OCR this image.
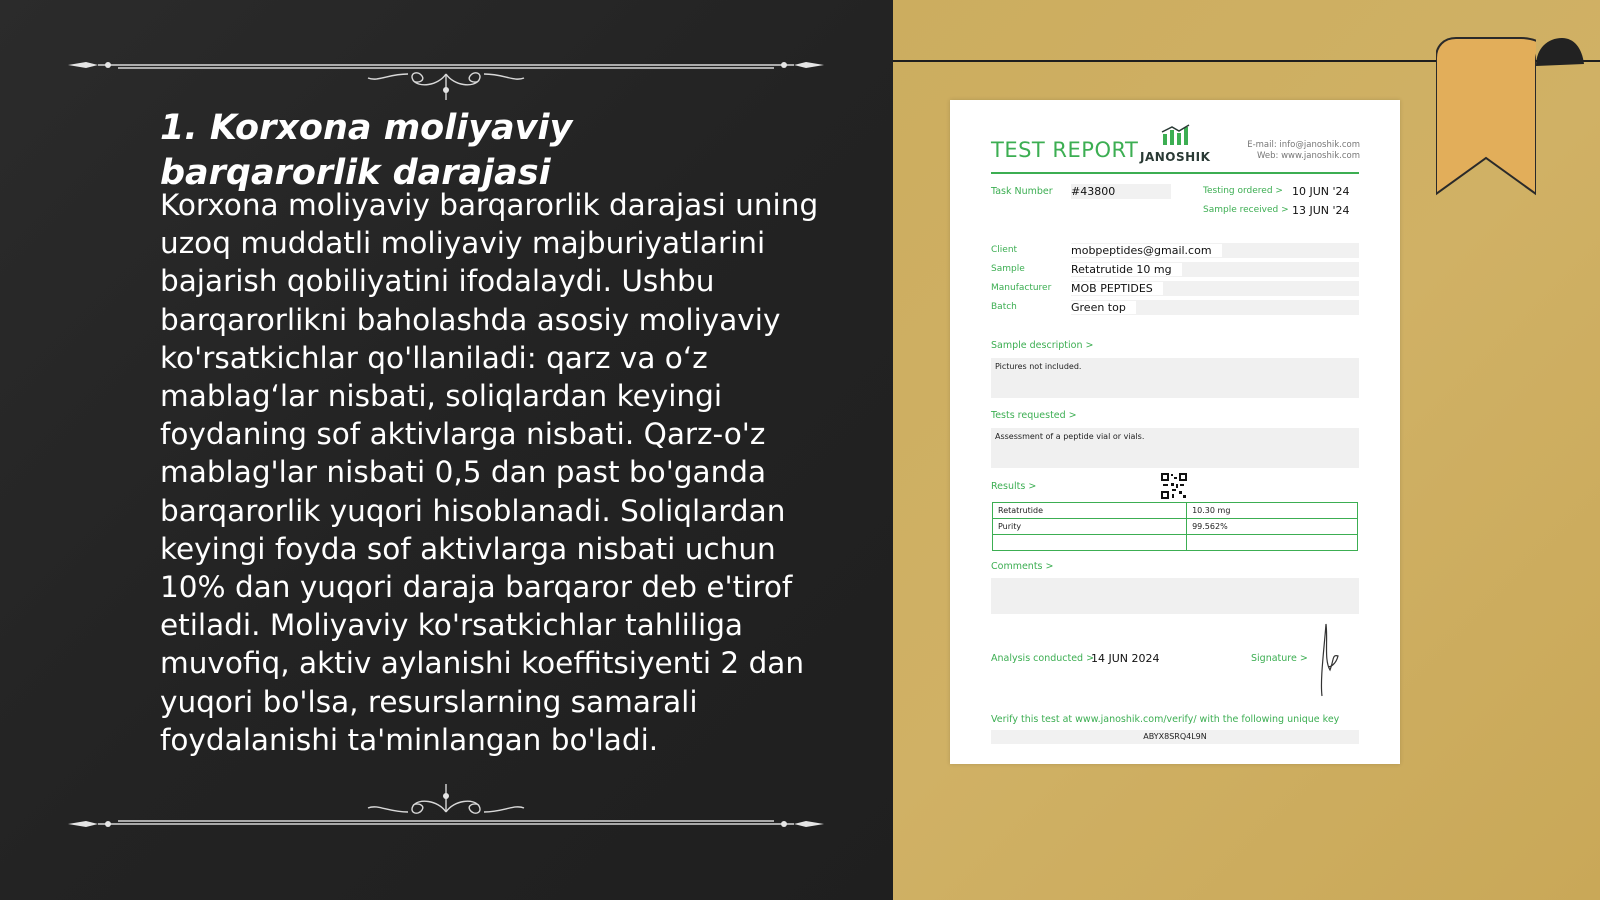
1. Korxona moliyaviy barqarorlik darajasi

Korxona moliyaviy barqarorlik darajasi uning uzoq muddatli moliyaviy majburiyatlarini bajarish qobiliyatini ifodalaydi. Ushbu barqarorlikni baholashda asosiy moliyaviy ko'rsatkichlar qo'llaniladi: qarz va o‘z mablag‘lar nisbati, soliqlardan keyingi foydaning sof aktivlarga nisbati. Qarz-o'z mablag'lar nisbati 0,5 dan past bo'ganda barqarorlik yuqori hisoblanadi. Soliqlardan keyingi foyda sof aktivlarga nisbati uchun 10% dan yuqori daraja barqaror deb e'tirof etiladi. Moliyaviy ko'rsatkichlar tahliliga muvofiq, aktiv aylanishi koeffitsiyenti 2 dan yuqori bo'lsa, resurslarning samarali foydalanishi ta'minlangan bo'ladi.

TEST REPORT JANOSHIK
E-mail: info@janoshik.com
Web: www.janoshik.com
Task Number #43800	Testing ordered > 10 JUN '24
Sample received > 13 JUN '24
Client	mobpeptides@gmail.com
Sample	Retatrutide 10 mg
Manufacturer MOB PEPTIDES
Batch	Green top
Sample description >
Pictures not included.
Tests requested >
Assessment of a peptide vial or vials.
Results >
Retatrutide	10.30 mg
Purity	99.562%

Comments >
Analysis conducted >
14 JUN 2024	Signature >
Verify this test at www.janoshik.com/verify/ with the following unique key
ABYX8SRQ4L9N
